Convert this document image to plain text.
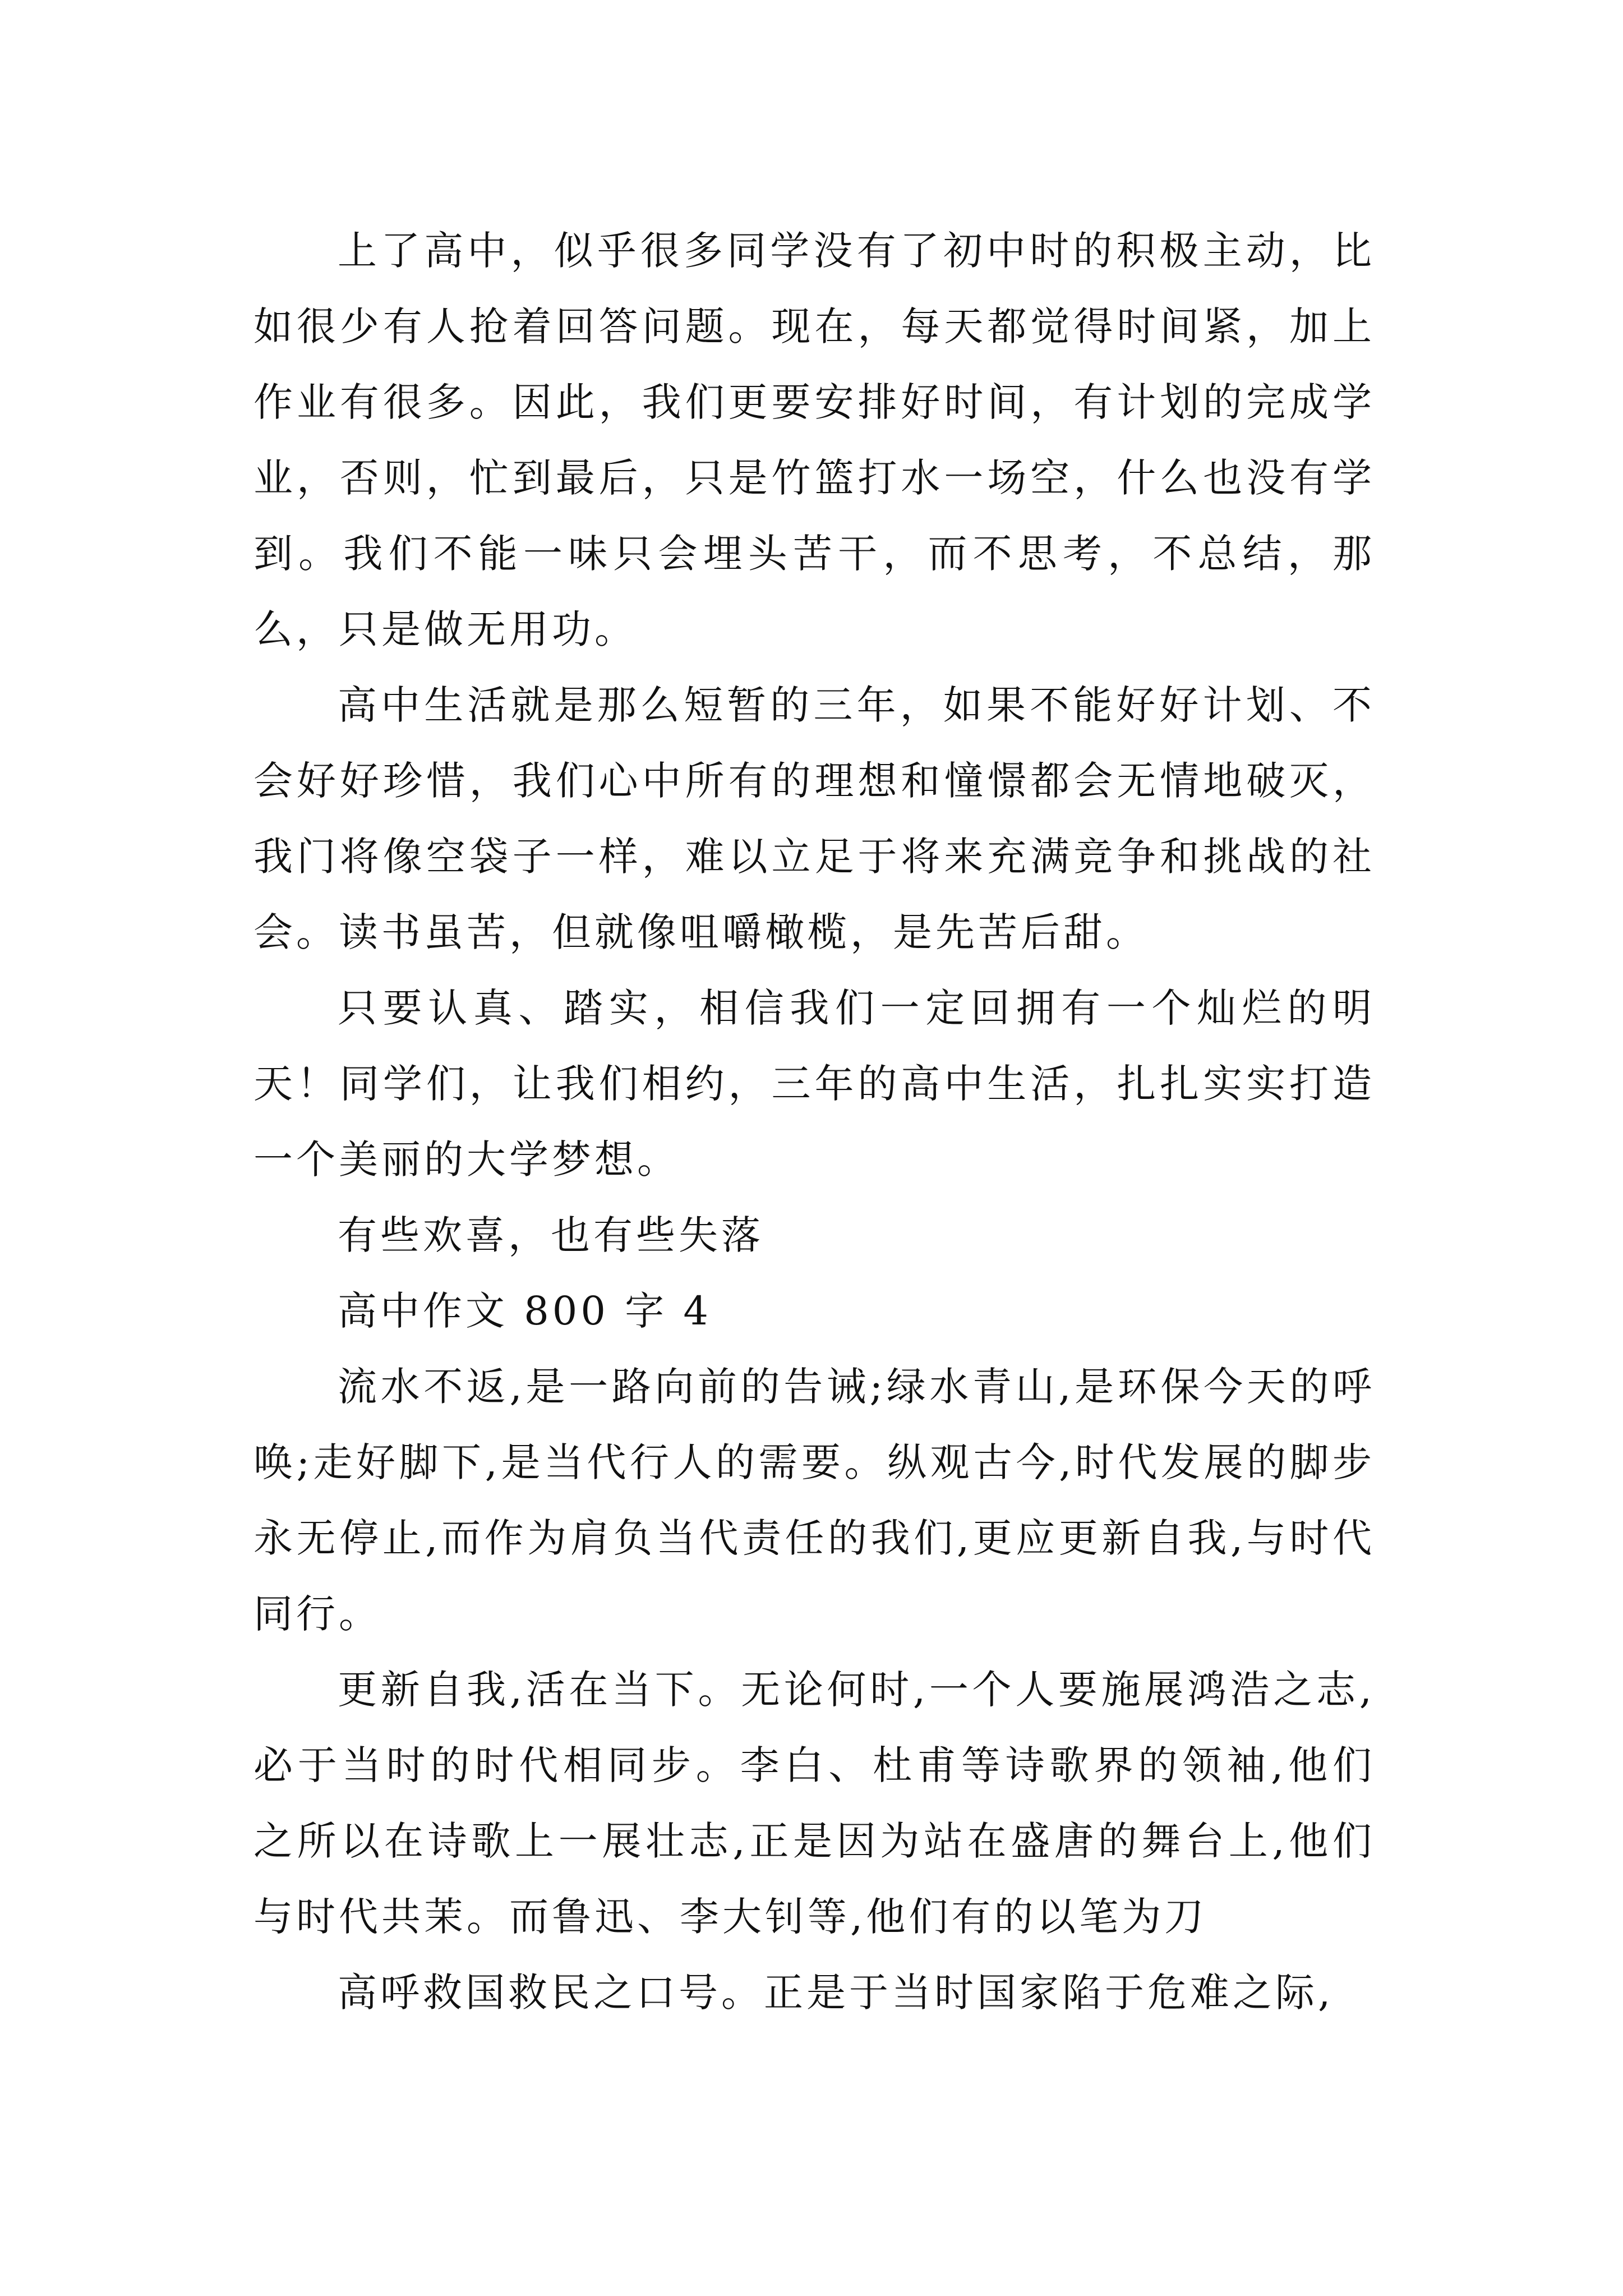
上了高中，似乎很多同学没有了初中时的积极主动，比如很少有人抢着回答问题。现在，每天都觉得时间紧，加上作业有很多。因此，我们更要安排好时间，有计划的完成学业，否则，忙到最后，只是竹篮打水一场空，什么也没有学到。我们不能一味只会埋头苦干，而不思考，不总结，那么，只是做无用功。

高中生活就是那么短暂的三年，如果不能好好计划、不会好好珍惜，我们心中所有的理想和憧憬都会无情地破灭，我门将像空袋子一样，难以立足于将来充满竞争和挑战的社会。读书虽苦，但就像咀嚼橄榄，是先苦后甜。

只要认真、踏实，相信我们一定回拥有一个灿烂的明天！同学们，让我们相约，三年的高中生活，扎扎实实打造一个美丽的大学梦想。

有些欢喜，也有些失落

高中作文 800 字 4

流水不返,是一路向前的告诫;绿水青山,是环保今天的呼唤;走好脚下,是当代行人的需要。纵观古今,时代发展的脚步永无停止,而作为肩负当代责任的我们,更应更新自我,与时代同行。

更新自我,活在当下。无论何时,一个人要施展鸿浩之志,必于当时的时代相同步。李白、杜甫等诗歌界的领袖,他们之所以在诗歌上一展壮志,正是因为站在盛唐的舞台上,他们与时代共茉。而鲁迅、李大钊等,他们有的以笔为刀

高呼救国救民之口号。正是于当时国家陷于危难之际,
